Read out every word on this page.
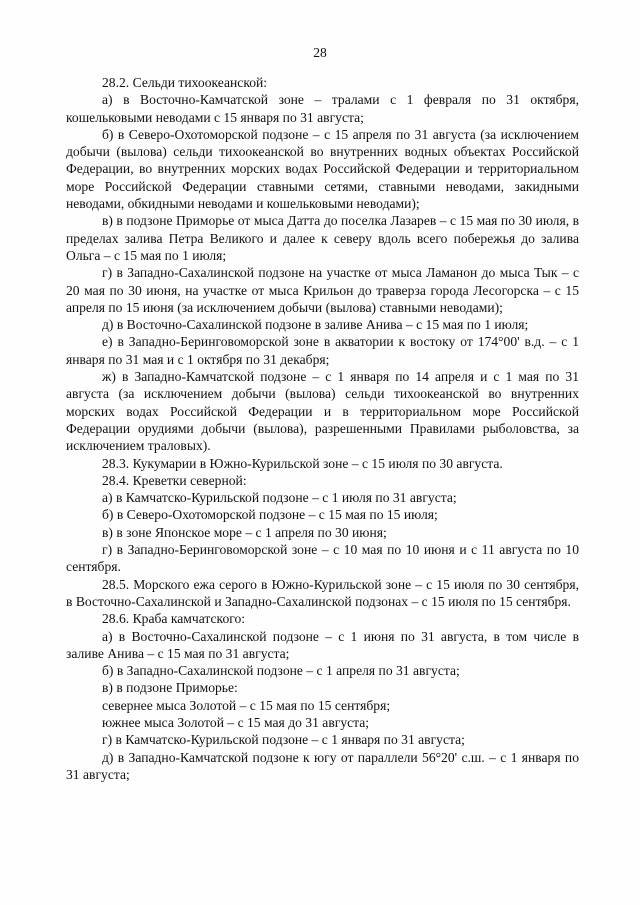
28

28.2. Сельди тихоокеанской:

а) в Восточно-Камчатской зоне – тралами с 1 февраля по 31 октября, кошельковыми неводами с 15 января по 31 августа;

б) в Северо-Охотоморской подзоне – с 15 апреля по 31 августа (за исключением добычи (вылова) сельди тихоокеанской во внутренних водных объектах Российской Федерации, во внутренних морских водах Российской Федерации и территориальном море Российской Федерации ставными сетями, ставными неводами, закидными неводами, обкидными неводами и кошельковыми неводами);

в) в подзоне Приморье от мыса Датта до поселка Лазарев – с 15 мая по 30 июля, в пределах залива Петра Великого и далее к северу вдоль всего побережья до залива Ольга – с 15 мая по 1 июля;

г) в Западно-Сахалинской подзоне на участке от мыса Ламанон до мыса Тык – с 20 мая по 30 июня, на участке от мыса Крильон до траверза города Лесогорска – с 15 апреля по 15 июня (за исключением добычи (вылова) ставными неводами);

д) в Восточно-Сахалинской подзоне в заливе Анива – с 15 мая по 1 июля;

е) в Западно-Беринговоморской зоне в акватории к востоку от 174°00' в.д. – с 1 января по 31 мая и с 1 октября по 31 декабря;

ж) в Западно-Камчатской подзоне – с 1 января по 14 апреля и с 1 мая по 31 августа (за исключением добычи (вылова) сельди тихоокеанской во внутренних морских водах Российской Федерации и в территориальном море Российской Федерации орудиями добычи (вылова), разрешенными Правилами рыболовства, за исключением траловых).

28.3. Кукумарии в Южно-Курильской зоне – с 15 июля по 30 августа.

28.4. Креветки северной:

а) в Камчатско-Курильской подзоне – с 1 июля по 31 августа;

б) в Северо-Охотоморской подзоне – с 15 мая по 15 июля;

в) в зоне Японское море – с 1 апреля по 30 июня;

г) в Западно-Беринговоморской зоне – с 10 мая по 10 июня и с 11 августа по 10 сентября.

28.5. Морского ежа серого в Южно-Курильской зоне – с 15 июля по 30 сентября, в Восточно-Сахалинской и Западно-Сахалинской подзонах – с 15 июля по 15 сентября.

28.6. Краба камчатского:

а) в Восточно-Сахалинской подзоне – с 1 июня по 31 августа, в том числе в заливе Анива – с 15 мая по 31 августа;

б) в Западно-Сахалинской подзоне – с 1 апреля по 31 августа;

в) в подзоне Приморье:

севернее мыса Золотой – с 15 мая по 15 сентября;

южнее мыса Золотой – с 15 мая до 31 августа;

г) в Камчатско-Курильской подзоне – с 1 января по 31 августа;

д) в Западно-Камчатской подзоне к югу от параллели 56°20' с.ш. – с 1 января по 31 августа;
